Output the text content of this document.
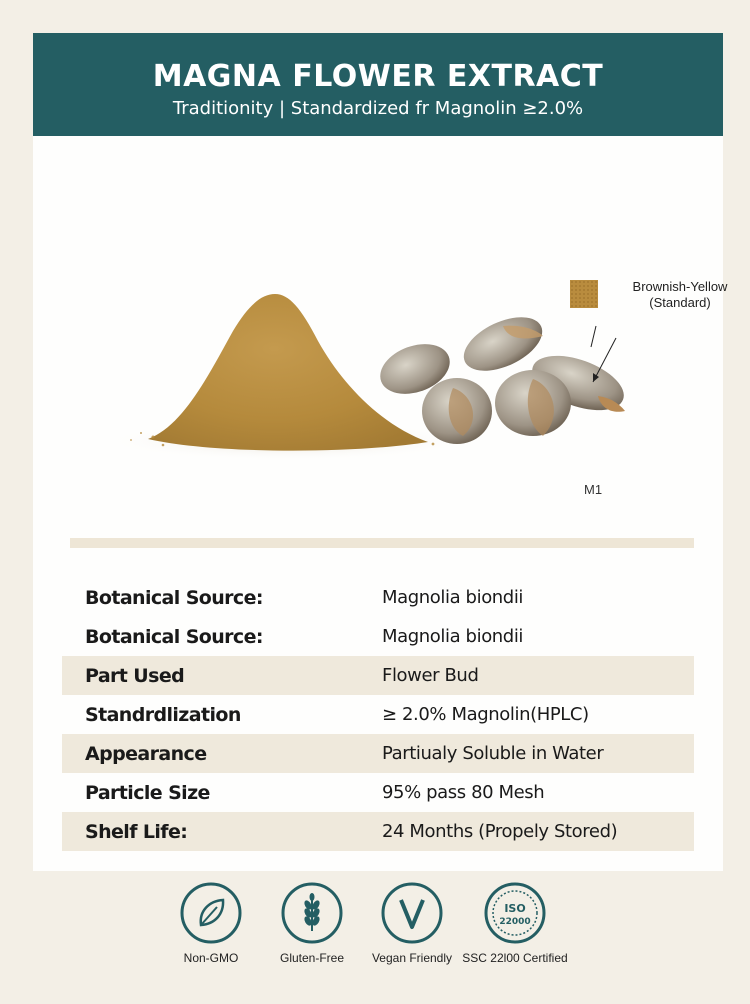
MAGNA FLOWER EXTRACT
Traditionity | Standardized fr Magnolin ≥2.0%
Brownish-Yellow
(Standard)
M1
Botanical Source:	Magnolia biondii
Botanical Source:	Magnolia biondii
Part Used	Flower Bud
Standrdlization	≥ 2.0% Magnolin(HPLC)
Appearance	Partiualy Soluble in Water
Particle Size	95% pass 80 Mesh
Shelf Life:	24 Months (Propely Stored)
Non-GMO	Gluten-Free	Vegan Friendly
ISO
22000
SSC 22l00 Certified
